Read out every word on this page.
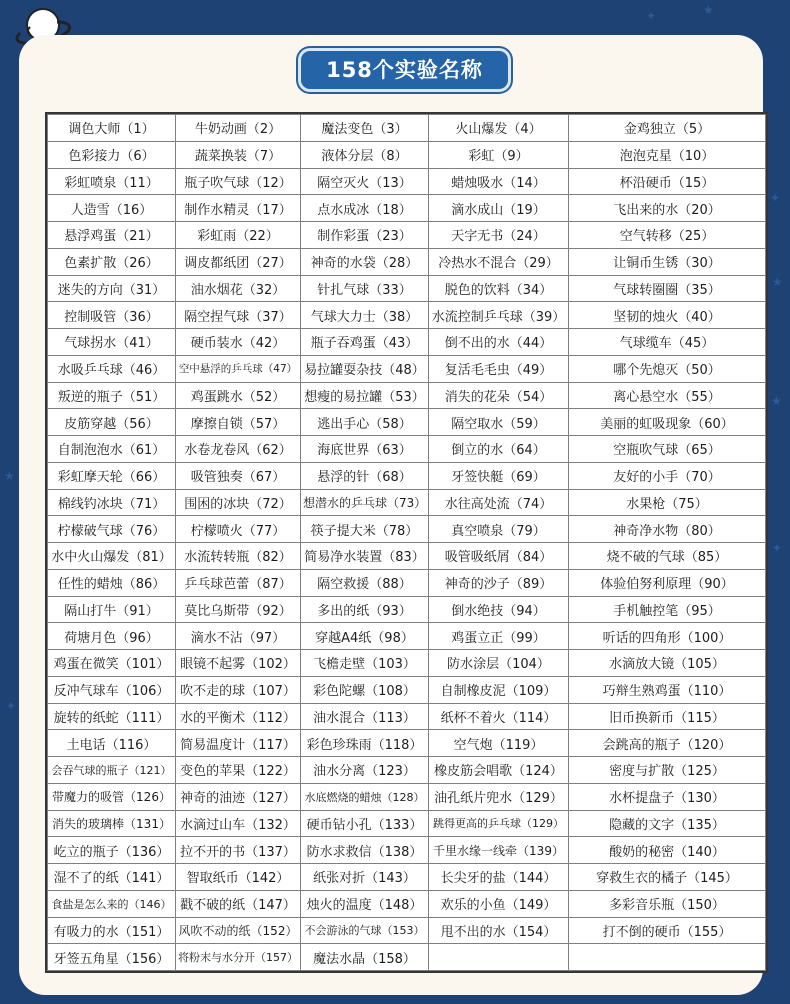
✦	★
✦
★
★
✦
★
✦
158个实验名称
调色大师（1）	牛奶动画（2）	魔法变色（3）	火山爆发（4）	金鸡独立（5）
色彩接力（6）	蔬菜换装（7）	液体分层（8）	彩虹（9）	泡泡克星（10）
彩虹喷泉（11）	瓶子吹气球（12）	隔空灭火（13）	蜡烛吸水（14）	杯沿硬币（15）
人造雪（16）	制作水精灵（17）	点水成冰（18）	滴水成山（19）	飞出来的水（20）
悬浮鸡蛋（21）	彩虹雨（22）	制作彩蛋（23）	天字无书（24）	空气转移（25）
色素扩散（26）	调皮都纸团（27）	神奇的水袋（28）	冷热水不混合（29）	让铜币生锈（30）
迷失的方向（31）	油水烟花（32）	针扎气球（33）	脱色的饮料（34）	气球转圈圈（35）
控制吸管（36）	隔空捏气球（37）	气球大力士（38）	水流控制乒乓球（39）	坚韧的烛火（40）
气球拐水（41）	硬币装水（42）	瓶子吞鸡蛋（43）	倒不出的水（44）	气球缆车（45）
水吸乒乓球（46）	空中悬浮的乒乓球（47）	易拉罐耍杂技（48）	复活毛毛虫（49）	哪个先熄灭（50）
叛逆的瓶子（51）	鸡蛋跳水（52）	想瘦的易拉罐（53）	消失的花朵（54）	离心悬空水（55）
皮筋穿越（56）	摩擦自锁（57）	逃出手心（58）	隔空取水（59）	美丽的虹吸现象（60）
自制泡泡水（61）	水卷龙卷风（62）	海底世界（63）	倒立的水（64）	空瓶吹气球（65）
彩虹摩天轮（66）	吸管独奏（67）	悬浮的针（68）	牙签快艇（69）	友好的小手（70）
棉线钓冰块（71）	围困的冰块（72）	想潜水的乒乓球（73）	水往高处流（74）	水果枪（75）
柠檬破气球（76）	柠檬喷火（77）	筷子提大米（78）	真空喷泉（79）	神奇净水物（80）
水中火山爆发（81）	水流转转瓶（82）	简易净水装置（83）	吸管吸纸屑（84）	烧不破的气球（85）
任性的蜡烛（86）	乒乓球芭蕾（87）	隔空救援（88）	神奇的沙子（89）	体验伯努利原理（90）
隔山打牛（91）	莫比乌斯带（92）	多出的纸（93）	倒水绝技（94）	手机触控笔（95）
荷塘月色（96）	滴水不沾（97）	穿越A4纸（98）	鸡蛋立正（99）	听话的四角形（100）
鸡蛋在微笑（101）	眼镜不起雾（102）	飞檐走壁（103）	防水涂层（104）	水滴放大镜（105）
反冲气球车（106）	吹不走的球（107）	彩色陀螺（108）	自制橡皮泥（109）	巧辩生熟鸡蛋（110）
旋转的纸蛇（111）	水的平衡术（112）	油水混合（113）	纸杯不着火（114）	旧币换新币（115）
土电话（116）	简易温度计（117）	彩色珍珠雨（118）	空气炮（119）	会跳高的瓶子（120）
会吞气球的瓶子（121）	变色的苹果（122）	油水分离（123）	橡皮筋会唱歌（124）	密度与扩散（125）
带魔力的吸管（126）	神奇的油迹（127）	水底燃烧的蜡烛（128）	油孔纸片兜水（129）	水杯提盘子（130）
消失的玻璃棒（131）	水滴过山车（132）	硬币钻小孔（133）	跳得更高的乒乓球（129）	隐藏的文字（135）
屹立的瓶子（136）	拉不开的书（137）	防水求救信（138）	千里水缘一线牵（139）	酸奶的秘密（140）
湿不了的纸（141）	智取纸币（142）	纸张对折（143）	长尖牙的盐（144）	穿救生衣的橘子（145）
食盐是怎么来的（146）	戳不破的纸（147）	烛火的温度（148）	欢乐的小鱼（149）	多彩音乐瓶（150）
有吸力的水（151）	风吹不动的纸（152）	不会游泳的气球（153）	甩不出的水（154）	打不倒的硬币（155）
牙签五角星（156）	将粉末与水分开（157）	魔法水晶（158）		
